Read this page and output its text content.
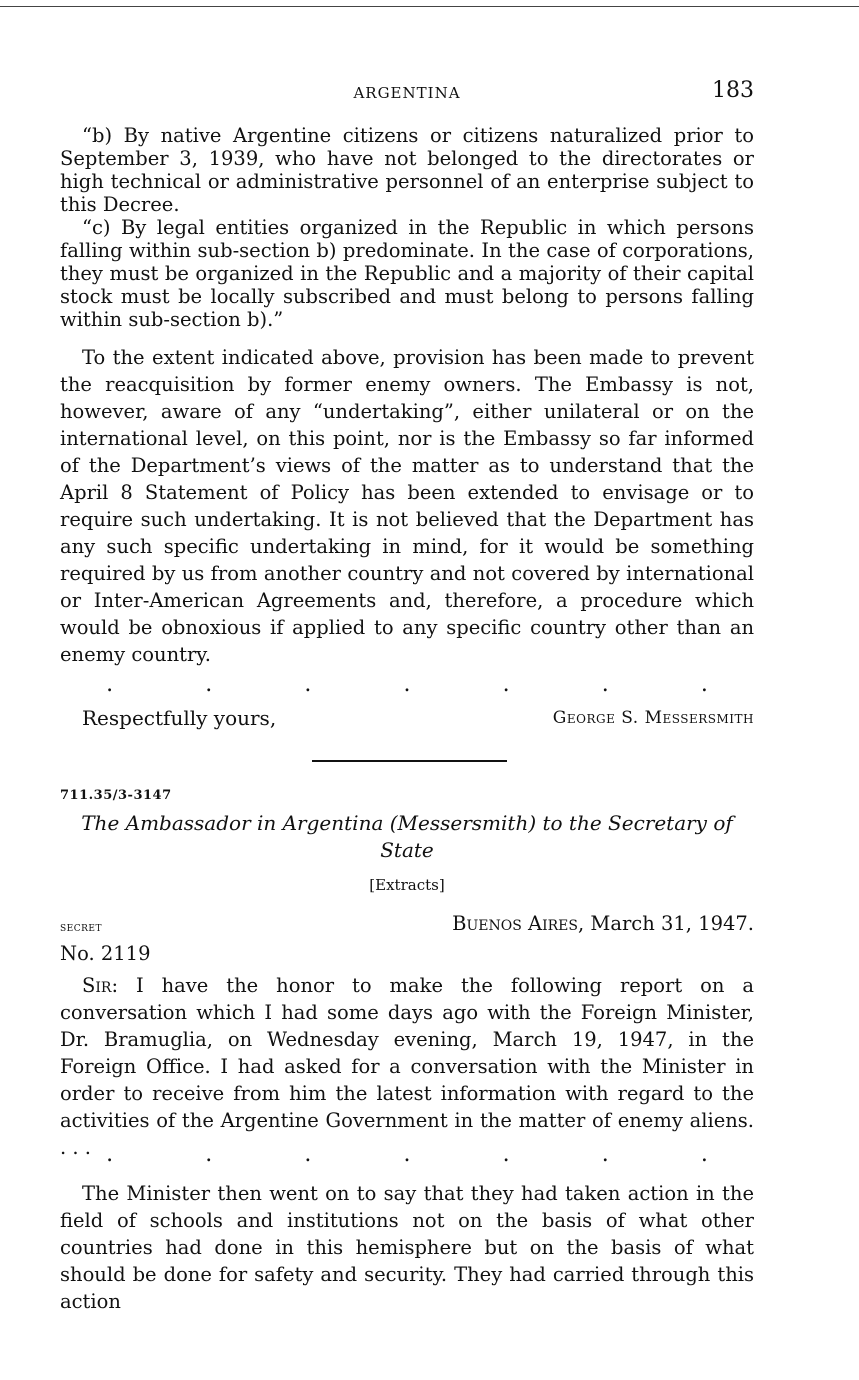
ARGENTINA	183

“b) By native Argentine citizens or citizens naturalized prior to September 3, 1939, who have not belonged to the directorates or high technical or administrative personnel of an enterprise subject to this Decree.

“c) By legal entities organized in the Republic in which persons falling within sub-section b) predominate. In the case of corporations, they must be organized in the Republic and a majority of their capital stock must be locally subscribed and must belong to persons falling within sub-section b).”

To the extent indicated above, provision has been made to prevent the reacquisition by former enemy owners. The Embassy is not, however, aware of any “undertaking”, either unilateral or on the international level, on this point, nor is the Embassy so far informed of the Department’s views of the matter as to understand that the April 8 Statement of Policy has been extended to envisage or to require such undertaking. It is not believed that the Department has any such specific undertaking in mind, for it would be something required by us from another country and not covered by international or Inter-American Agreements and, therefore, a procedure which would be obnoxious if applied to any specific country other than an enemy country.

.	.	.	.	.	.	.
Respectfully yours,	George S. Messersmith
711.35/3-3147
The Ambassador in Argentina (Messersmith) to the Secretary of State
[Extracts]
secret	Buenos Aires, March 31, 1947.
No. 2119

Sir: I have the honor to make the following report on a conversation which I had some days ago with the Foreign Minister, Dr. Bramuglia, on Wednesday evening, March 19, 1947, in the Foreign Office. I had asked for a conversation with the Minister in order to receive from him the latest information with regard to the activities of the Argentine Government in the matter of enemy aliens. . . . .	.	.	.	.	.	.

The Minister then went on to say that they had taken action in the field of schools and institutions not on the basis of what other countries had done in this hemisphere but on the basis of what should be done for safety and security. They had carried through this action
